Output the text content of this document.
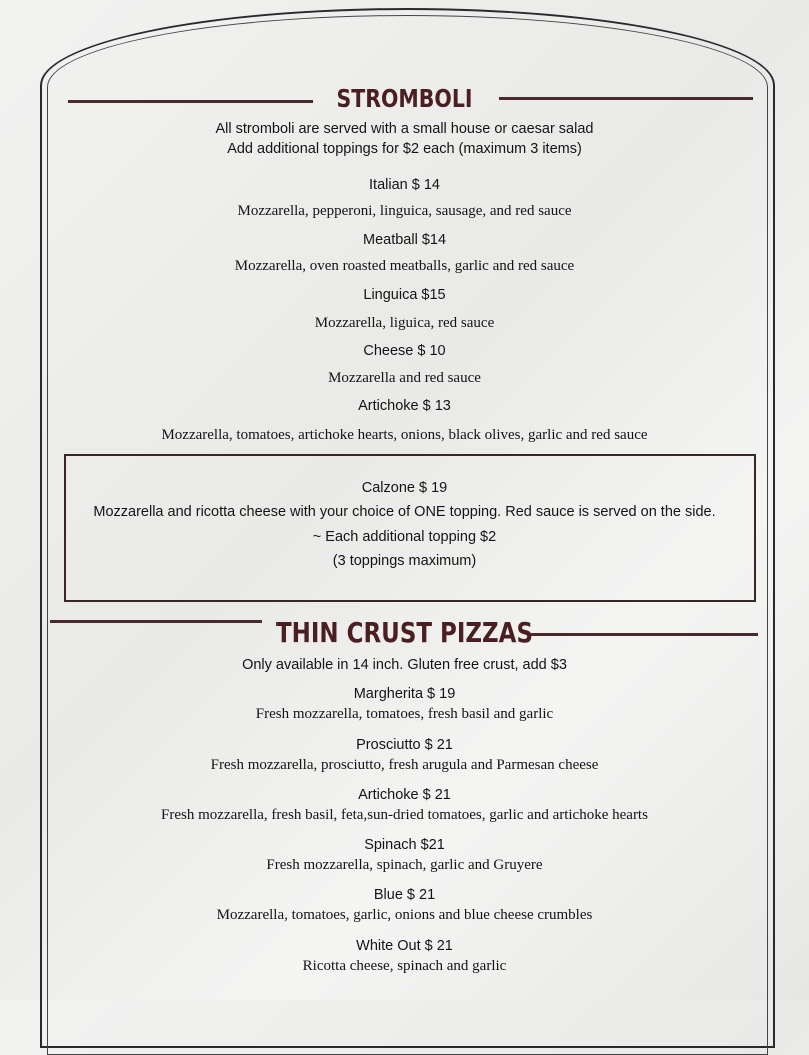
STROMBOLI
All stromboli are served with a small house or caesar salad
Add additional toppings for $2 each (maximum 3 items)
Italian $ 14
Mozzarella, pepperoni, linguica, sausage, and red sauce
Meatball $14
Mozzarella, oven roasted meatballs, garlic and red sauce
Linguica $15
Mozzarella, liguica, red sauce
Cheese $ 10
Mozzarella and red sauce
Artichoke $ 13
Mozzarella, tomatoes, artichoke hearts, onions, black olives, garlic and red sauce
Calzone $ 19
Mozzarella and ricotta cheese with your choice of ONE topping. Red sauce is served on the side.
~ Each additional topping $2
(3 toppings maximum)
THIN CRUST PIZZAS
Only available in 14 inch. Gluten free crust, add $3
Margherita $ 19
Fresh mozzarella, tomatoes, fresh basil and garlic
Prosciutto $ 21
Fresh mozzarella, prosciutto, fresh arugula and Parmesan cheese
Artichoke $ 21
Fresh mozzarella, fresh basil, feta,sun-dried tomatoes, garlic and artichoke hearts
Spinach $21
Fresh mozzarella, spinach, garlic and Gruyere
Blue $ 21
Mozzarella, tomatoes, garlic, onions and blue cheese crumbles
White Out $ 21
Ricotta cheese, spinach and garlic
